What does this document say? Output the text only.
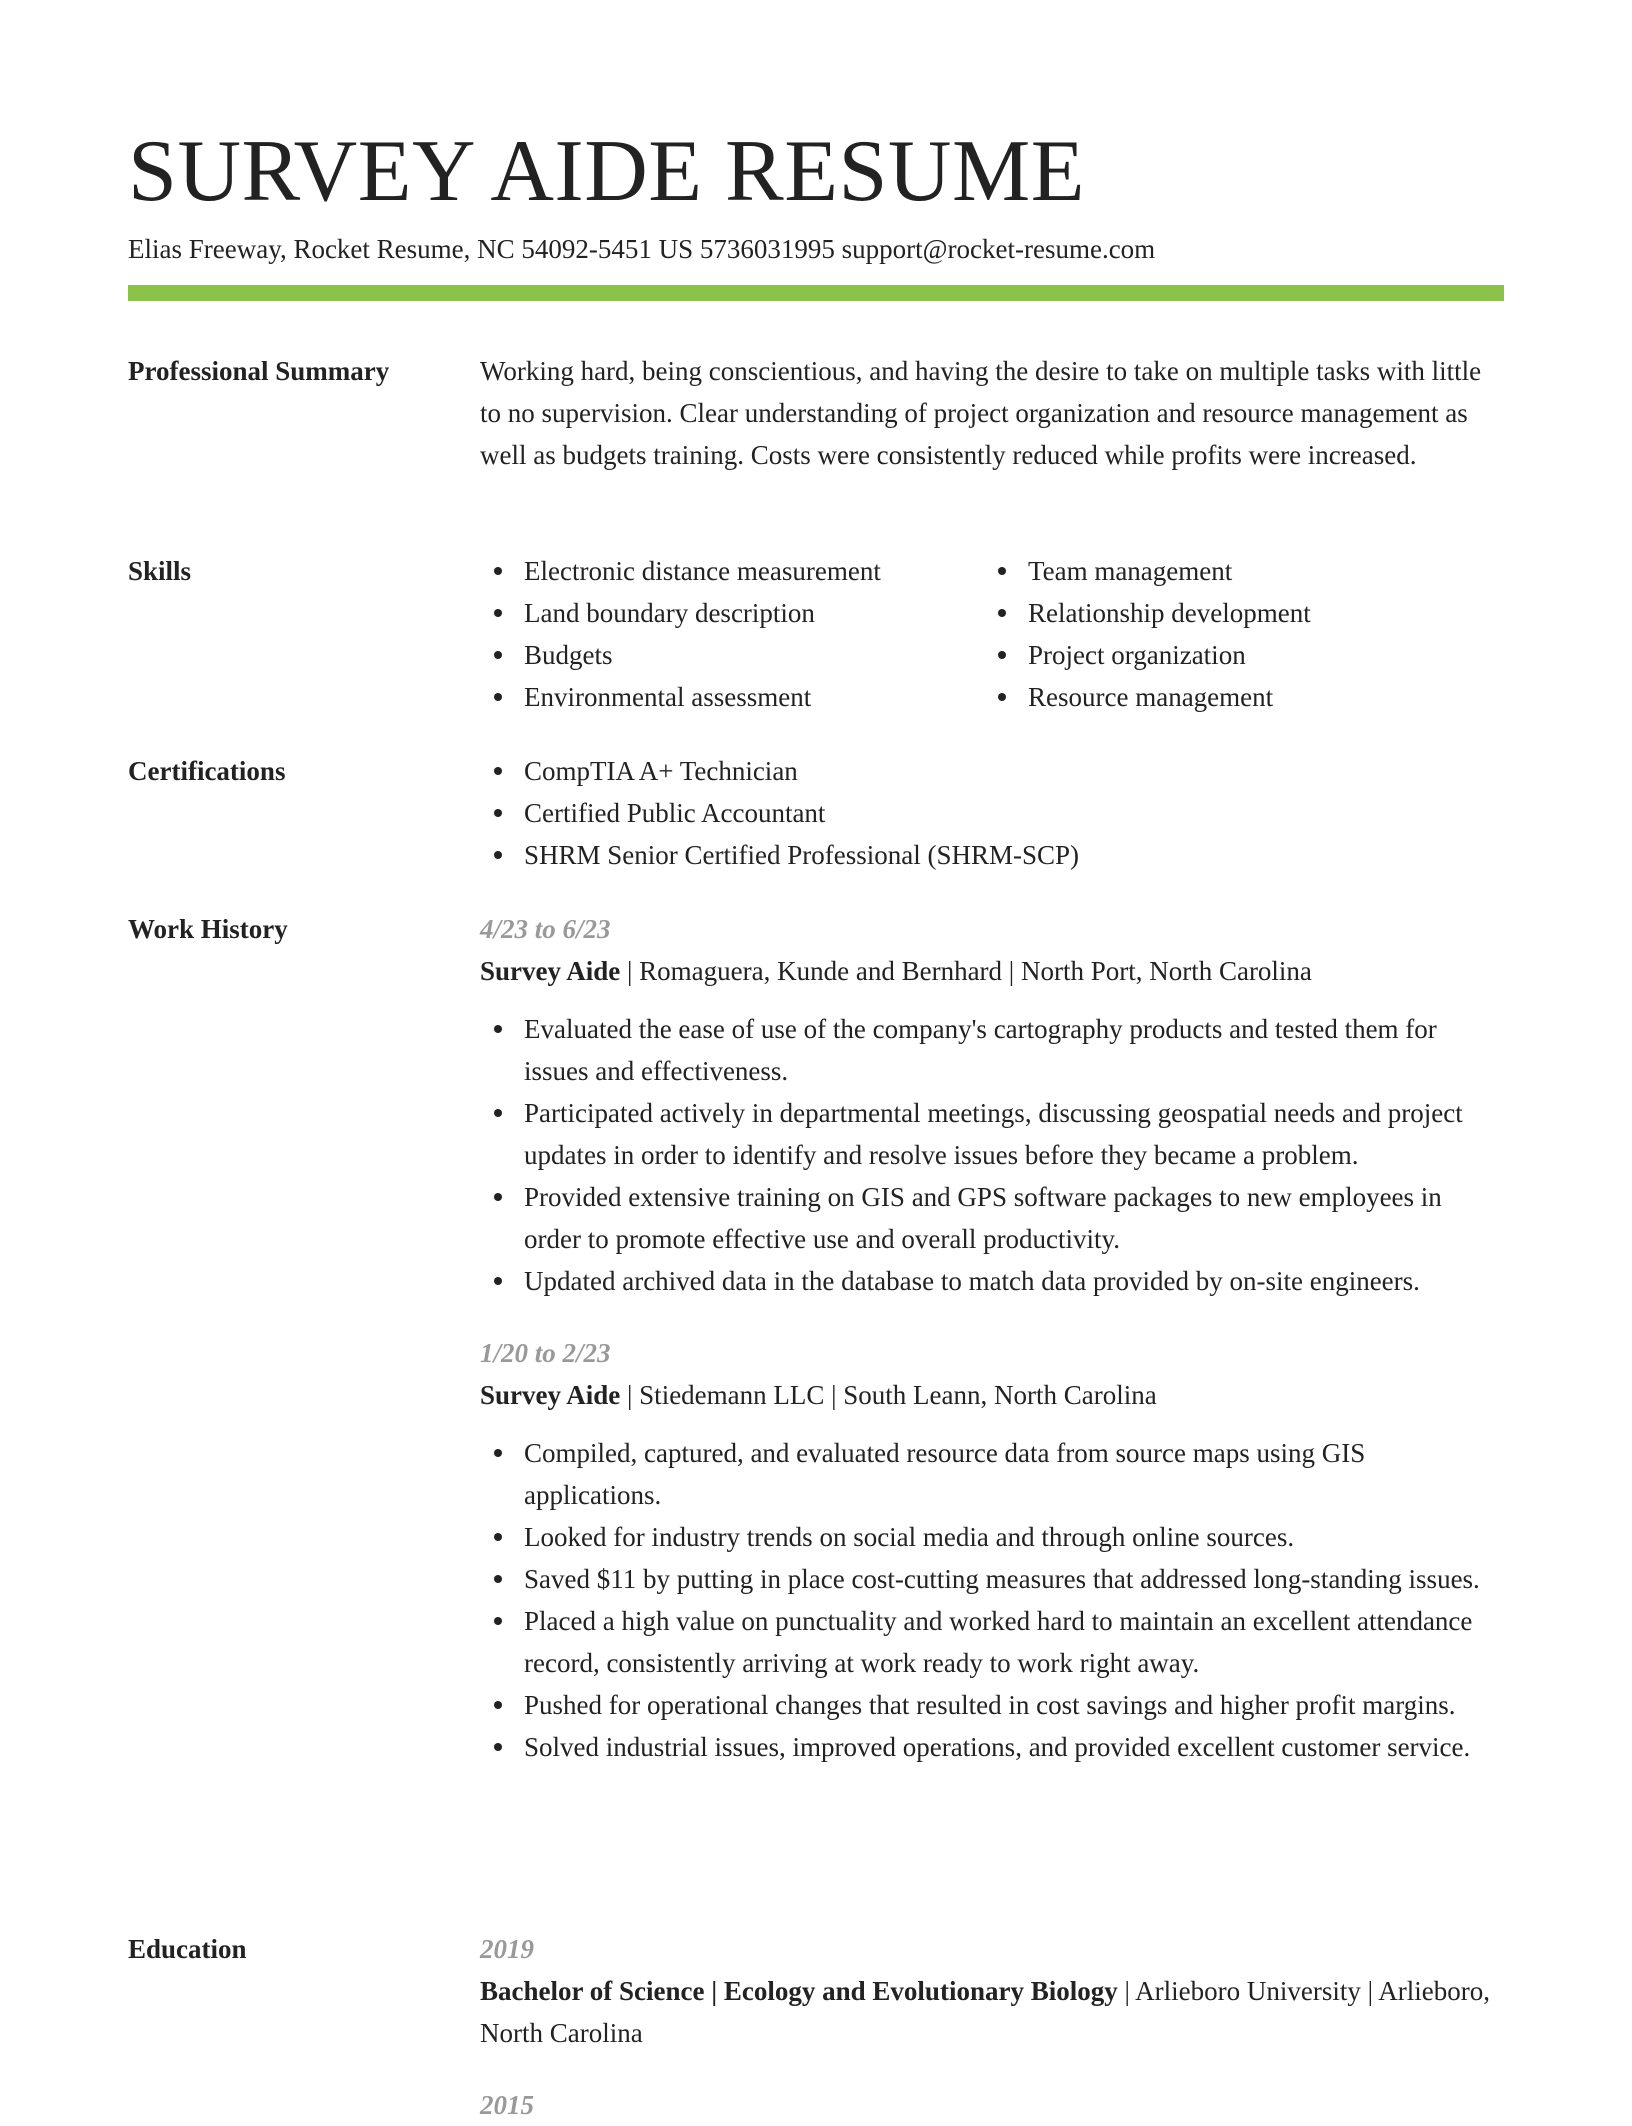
SURVEY AIDE RESUME
Elias Freeway, Rocket Resume, NC 54092-5451 US 5736031995 support@rocket-resume.com
Professional Summary	Working hard, being conscientious, and having the desire to take on multiple tasks with little to no supervision. Clear understanding of project organization and resource management as well as budgets training. Costs were consistently reduced while profits were increased.
Skills	Electronic distance measurement
Land boundary description
Budgets
Environmental assessment
Team management
Relationship development
Project organization
Resource management
Certifications	CompTIA A+ Technician
Certified Public Accountant
SHRM Senior Certified Professional (SHRM-SCP)
Work History	4/23 to 6/23
Survey Aide | Romaguera, Kunde and Bernhard | North Port, North Carolina
Evaluated the ease of use of the company's cartography products and tested them for issues and effectiveness.
Participated actively in departmental meetings, discussing geospatial needs and project updates in order to identify and resolve issues before they became a problem.
Provided extensive training on GIS and GPS software packages to new employees in order to promote effective use and overall productivity.
Updated archived data in the database to match data provided by on-site engineers.
1/20 to 2/23
Survey Aide | Stiedemann LLC | South Leann, North Carolina
Compiled, captured, and evaluated resource data from source maps using GIS applications.
Looked for industry trends on social media and through online sources.
Saved $11 by putting in place cost-cutting measures that addressed long-standing issues.
Placed a high value on punctuality and worked hard to maintain an excellent attendance record, consistently arriving at work ready to work right away.
Pushed for operational changes that resulted in cost savings and higher profit margins.
Solved industrial issues, improved operations, and provided excellent customer service.
Education	2019
Bachelor of Science | Ecology and Evolutionary Biology | Arlieboro University | Arlieboro, North Carolina
2015
